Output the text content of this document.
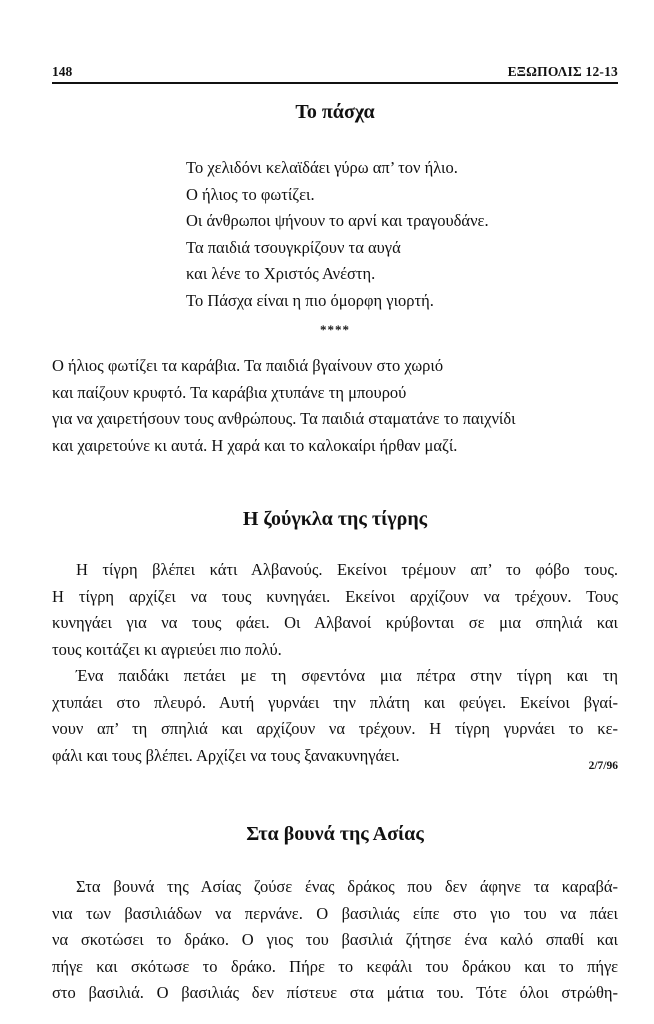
148	ΕΞΩΠΟΛΙΣ 12-13
Το πάσχα
Το χελιδόνι κελαϊδάει γύρω απ’ τον ήλιο.
Ο ήλιος το φωτίζει.
Οι άνθρωποι ψήνουν το αρνί και τραγουδάνε.
Τα παιδιά τσουγκρίζουν τα αυγά
και λένε το Χριστός Ανέστη.
Το Πάσχα είναι η πιο όμορφη γιορτή.
****
Ο ήλιος φωτίζει τα καράβια. Τα παιδιά βγαίνουν στο χωριό
και παίζουν κρυφτό. Τα καράβια χτυπάνε τη μπουρού
για να χαιρετήσουν τους ανθρώπους. Τα παιδιά σταματάνε το παιχνίδι
και χαιρετούνε κι αυτά. Η χαρά και το καλοκαίρι ήρθαν μαζί.
Η ζούγκλα της τίγρης
Η τίγρη βλέπει κάτι Αλβανούς. Εκείνοι τρέμουν απ’ το φόβο τους.
Η τίγρη αρχίζει να τους κυνηγάει. Εκείνοι αρχίζουν να τρέχουν. Τους
κυνηγάει για να τους φάει. Οι Αλβανοί κρύβονται σε μια σπηλιά και
τους κοιτάζει κι αγριεύει πιο πολύ.
Ένα παιδάκι πετάει με τη σφεντόνα μια πέτρα στην τίγρη και τη
χτυπάει στο πλευρό. Αυτή γυρνάει την πλάτη και φεύγει. Εκείνοι βγαί-
νουν απ’ τη σπηλιά και αρχίζουν να τρέχουν. Η τίγρη γυρνάει το κε-
φάλι και τους βλέπει. Αρχίζει να τους ξανακυνηγάει.
2/7/96
Στα βουνά της Ασίας
Στα βουνά της Ασίας ζούσε ένας δράκος που δεν άφηνε τα καραβά-
νια των βασιλιάδων να περνάνε. Ο βασιλιάς είπε στο γιο του να πάει
να σκοτώσει το δράκο. Ο γιος του βασιλιά ζήτησε ένα καλό σπαθί και
πήγε και σκότωσε το δράκο. Πήρε το κεφάλι του δράκου και το πήγε
στο βασιλιά. Ο βασιλιάς δεν πίστευε στα μάτια του. Τότε όλοι στρώθη-
